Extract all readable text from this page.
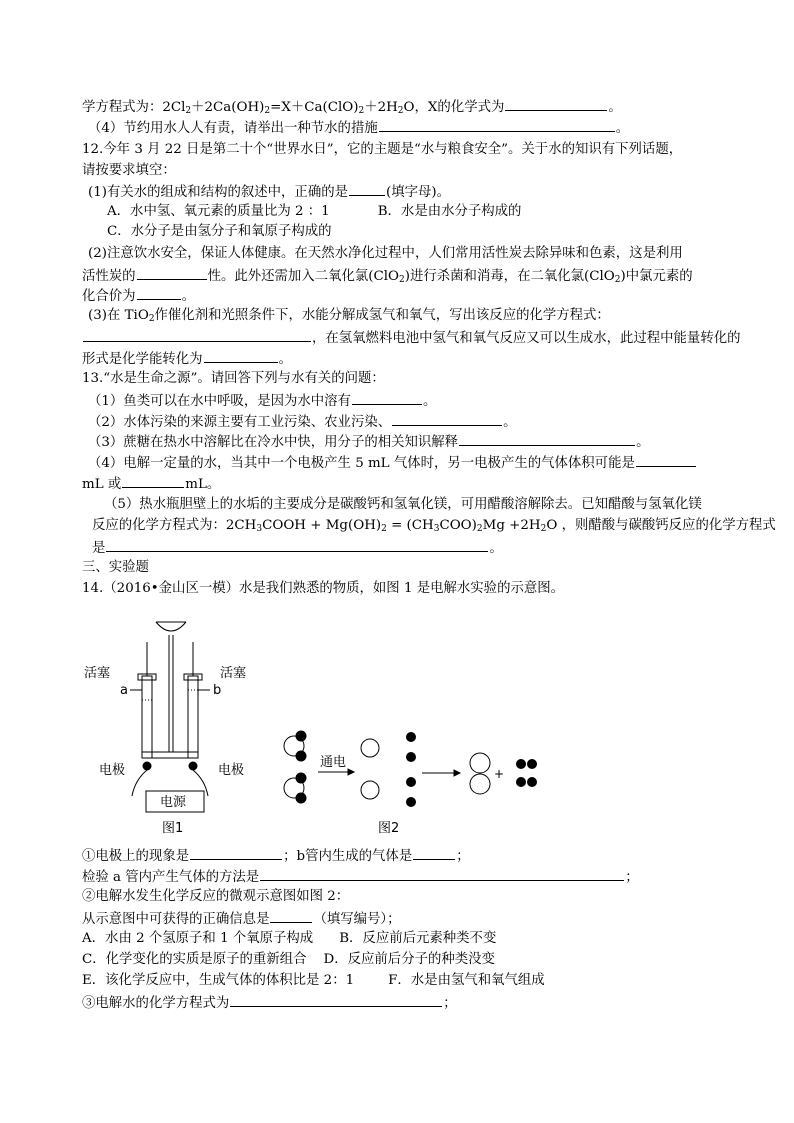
学方程式为：$2Cl_2+2Ca(OH)_2=X+Ca(ClO)_2+2H_2O$，X的化学式为	。
（4）节约用水人人有责，请举出一种节水的措施	。
12.今年 3 月 22 日是第二十个“世界水日”，它的主题是“水与粮食安全”。关于水的知识有下列话题，
请按要求填空：
(1)有关水的组成和结构的叙述中，正确的是	(填字母)。
A．水中氢、氧元素的质量比为 2 ：1	B．水是由水分子构成的
C．水分子是由氢分子和氧原子构成的
(2)注意饮水安全，保证人体健康。在天然水净化过程中，人们常用活性炭去除异味和色素，这是利用
活性炭的	性。此外还需加入二氧化氯(ClO$_2$)进行杀菌和消毒，在二氧化氯(ClO$_2$)中氯元素的
化合价为	。
(3)在 TiO$_2$作催化剂和光照条件下，水能分解成氢气和氧气，写出该反应的化学方程式：
，在氢氧燃料电池中氢气和氧气反应又可以生成水，此过程中能量转化的
形式是化学能转化为	。
13.“水是生命之源”。请回答下列与水有关的问题：
（1）鱼类可以在水中呼吸，是因为水中溶有	。
（2）水体污染的来源主要有工业污染、农业污染、	。
（3）蔗糖在热水中溶解比在冷水中快，用分子的相关知识解释	。
（4）电解一定量的水，当其中一个电极产生 5 mL 气体时，另一电极产生的气体体积可能是
mL 或	mL。
（5）热水瓶胆壁上的水垢的主要成分是碳酸钙和氢氧化镁，可用醋酸溶解除去。已知醋酸与氢氧化镁
反应的化学方程式为：$2CH_3COOH + Mg(OH)_2 = (CH_3COO)_2Mg +2H_2O$ ，则醋酸与碳酸钙反应的化学方程式
是	。
三、实验题
14.（2016•金山区一模）水是我们熟悉的物质，如图 1 是电解水实验的示意图。
活塞	活塞
a	b
电极	电极
电源
图1
通电
+
图2
①电极上的现象是	；b管内生成的气体是	；
检验 a 管内产生气体的方法是	；
②电解水发生化学反应的微观示意图如图 2：
从示意图中可获得的正确信息是	（填写编号）；
A．水由 2 个氢原子和 1 个氧原子构成 B．反应前后元素种类不变
C．化学变化的实质是原子的重新组合 D．反应前后分子的种类没变
E．该化学反应中，生成气体的体积比是 2：1	F．水是由氢气和氧气组成
③电解水的化学方程式为	；
